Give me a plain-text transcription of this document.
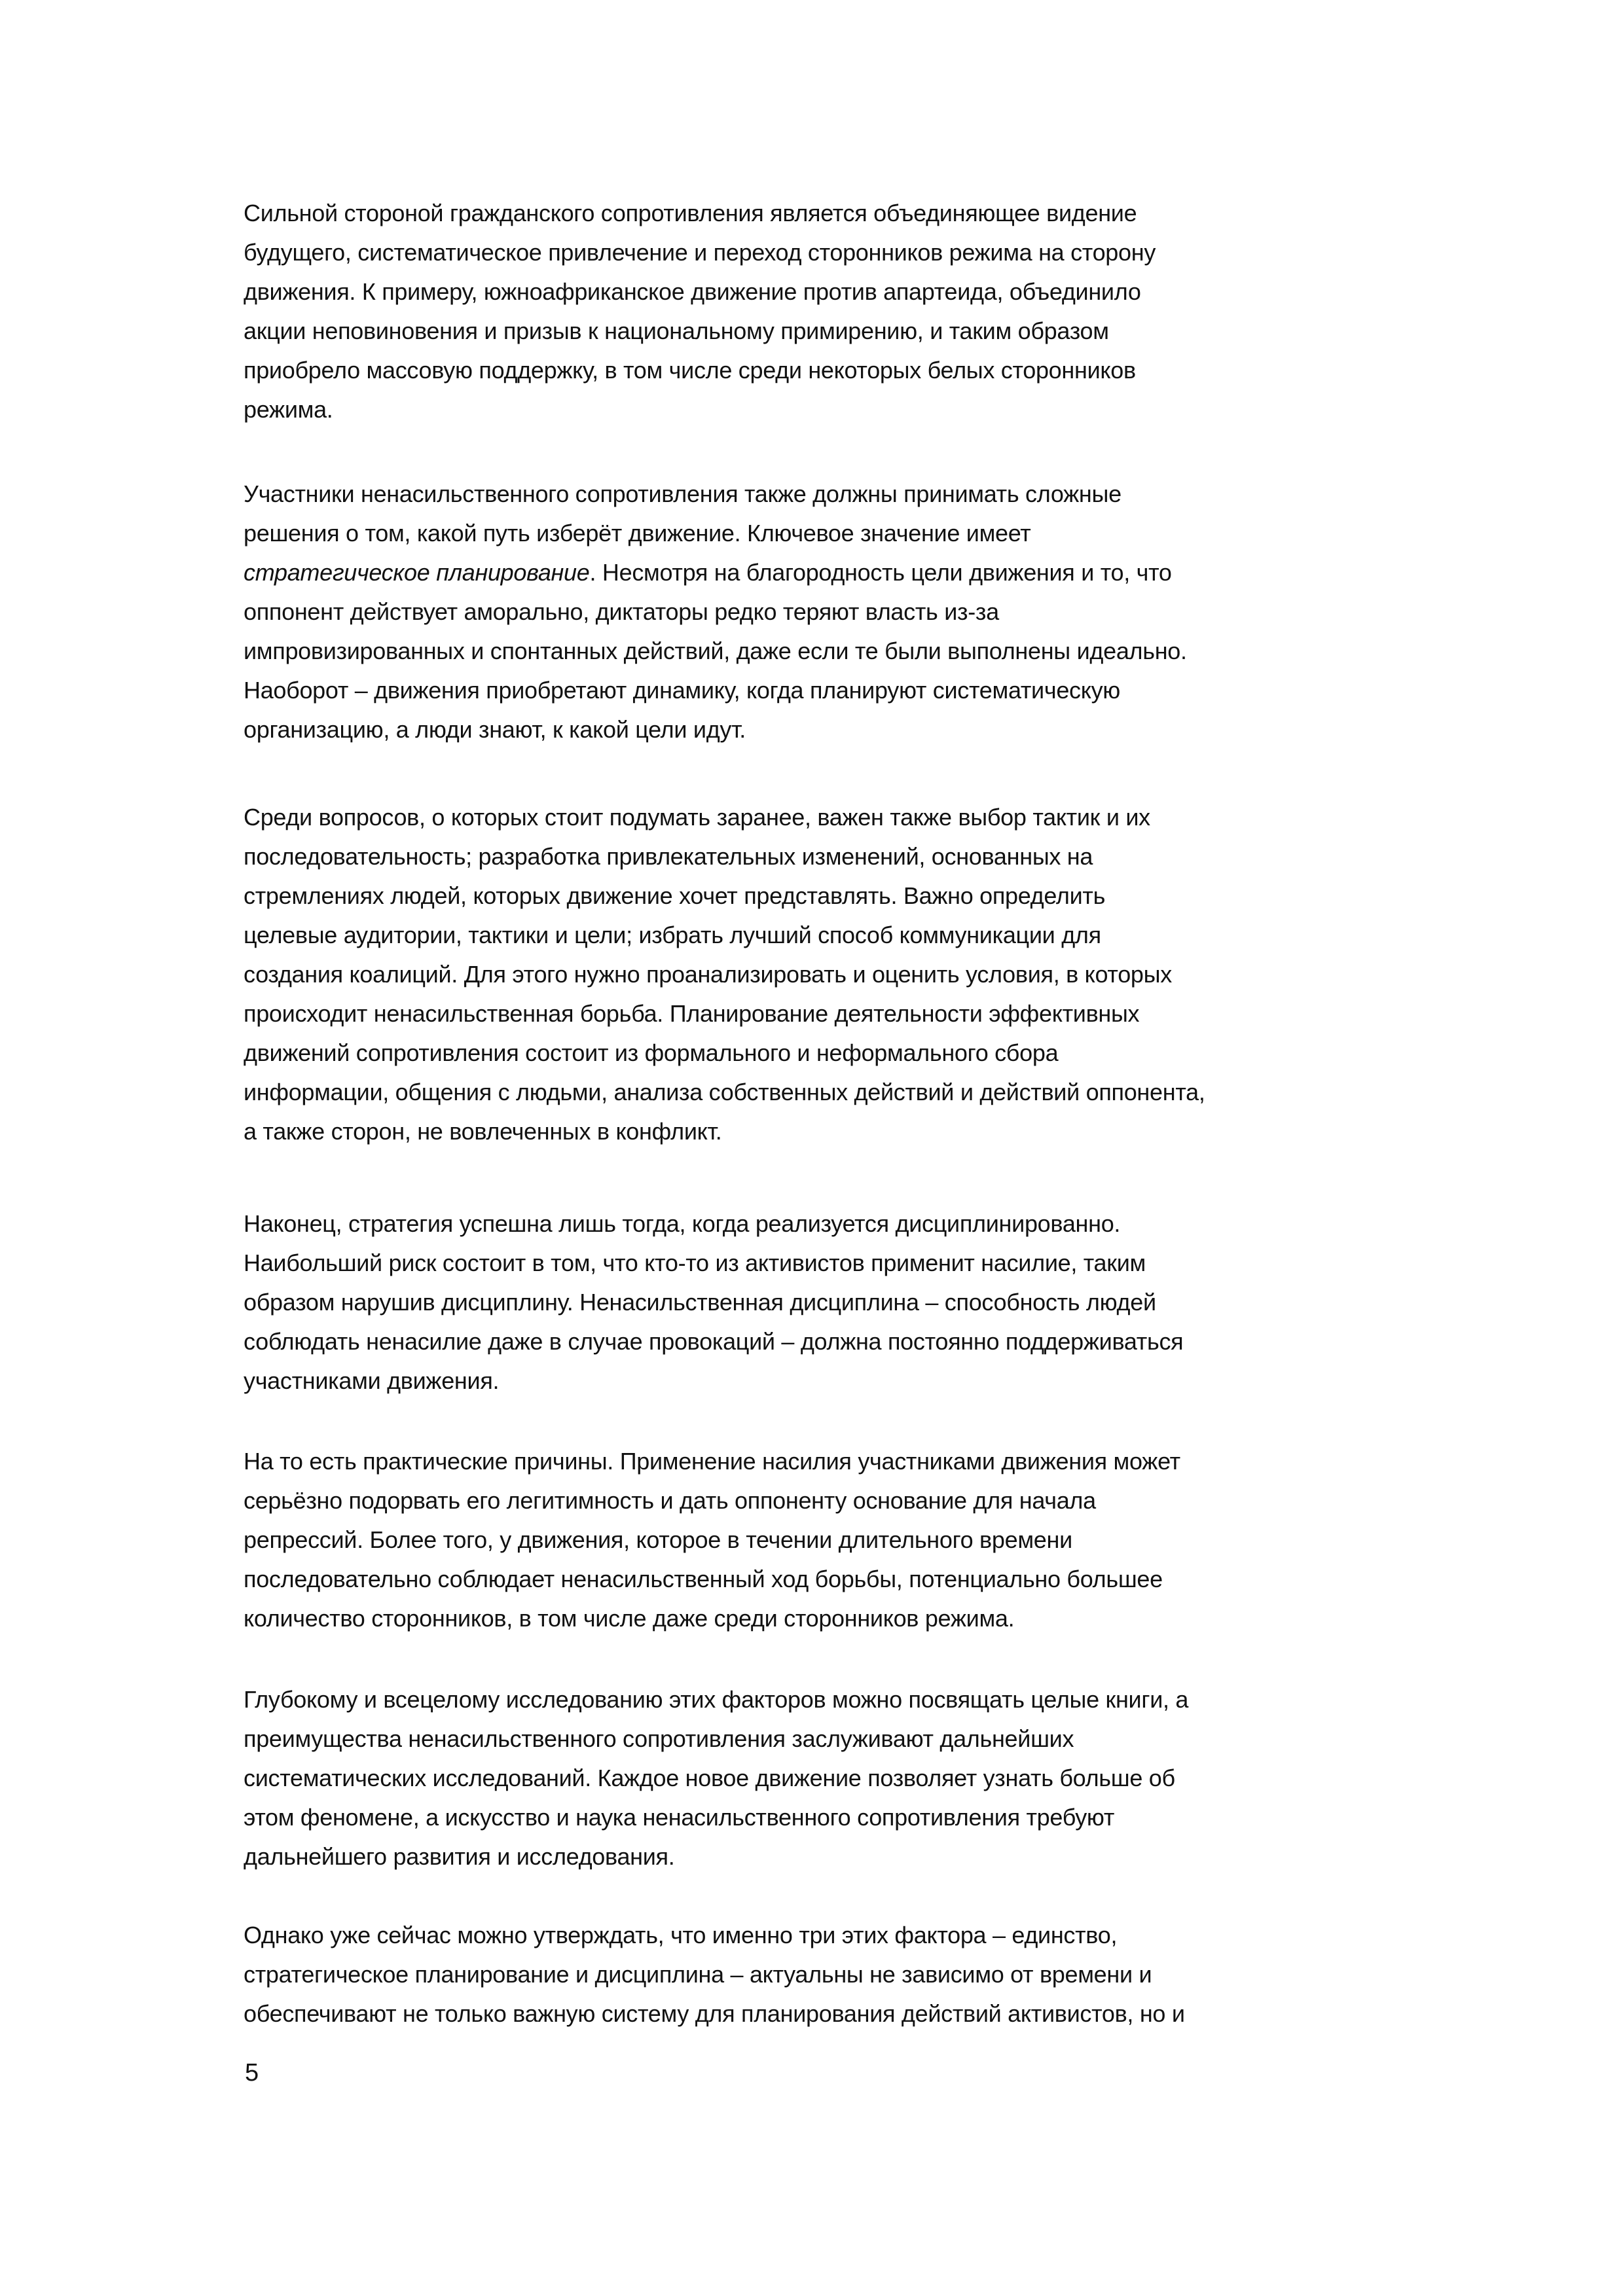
Сильной стороной гражданского сопротивления является объединяющее видение
будущего, систематическое привлечение и переход сторонников режима на сторону
движения. К примеру, южноафриканское движение против апартеида, объединило
акции неповиновения и призыв к национальному примирению, и таким образом
приобрело массовую поддержку, в том числе среди некоторых белых сторонников
режима.
Участники ненасильственного сопротивления также должны принимать сложные
решения о том, какой путь изберёт движение. Ключевое значение имеет
стратегическое планирование. Несмотря на благородность цели движения и то, что
оппонент действует аморально, диктаторы редко теряют власть из-за
импровизированных и спонтанных действий, даже если те были выполнены идеально.
Наоборот – движения приобретают динамику, когда планируют систематическую
организацию, а люди знают, к какой цели идут.
Среди вопросов, о которых стоит подумать заранее, важен также выбор тактик и их
последовательность; разработка привлекательных изменений, основанных на
стремлениях людей, которых движение хочет представлять. Важно определить
целевые аудитории, тактики и цели; избрать лучший способ коммуникации для
создания коалиций. Для этого нужно проанализировать и оценить условия, в которых
происходит ненасильственная борьба. Планирование деятельности эффективных
движений сопротивления состоит из формального и неформального сбора
информации, общения с людьми, анализа собственных действий и действий оппонента,
а также сторон, не вовлеченных в конфликт.
Наконец, стратегия успешна лишь тогда, когда реализуется дисциплинированно.
Наибольший риск состоит в том, что кто-то из активистов применит насилие, таким
образом нарушив дисциплину. Ненасильственная дисциплина – способность людей
соблюдать ненасилие даже в случае провокаций – должна постоянно поддерживаться
участниками движения.
На то есть практические причины. Применение насилия участниками движения может
серьёзно подорвать его легитимность и дать оппоненту основание для начала
репрессий. Более того, у движения, которое в течении длительного времени
последовательно соблюдает ненасильственный ход борьбы, потенциально большее
количество сторонников, в том числе даже среди сторонников режима.
Глубокому и всецелому исследованию этих факторов можно посвящать целые книги, а
преимущества ненасильственного сопротивления заслуживают дальнейших
систематических исследований. Каждое новое движение позволяет узнать больше об
этом феномене, а искусство и наука ненасильственного сопротивления требуют
дальнейшего развития и исследования.
Однако уже сейчас можно утверждать, что именно три этих фактора – единство,
стратегическое планирование и дисциплина – актуальны не зависимо от времени и
обеспечивают не только важную систему для планирования действий активистов, но и
5
